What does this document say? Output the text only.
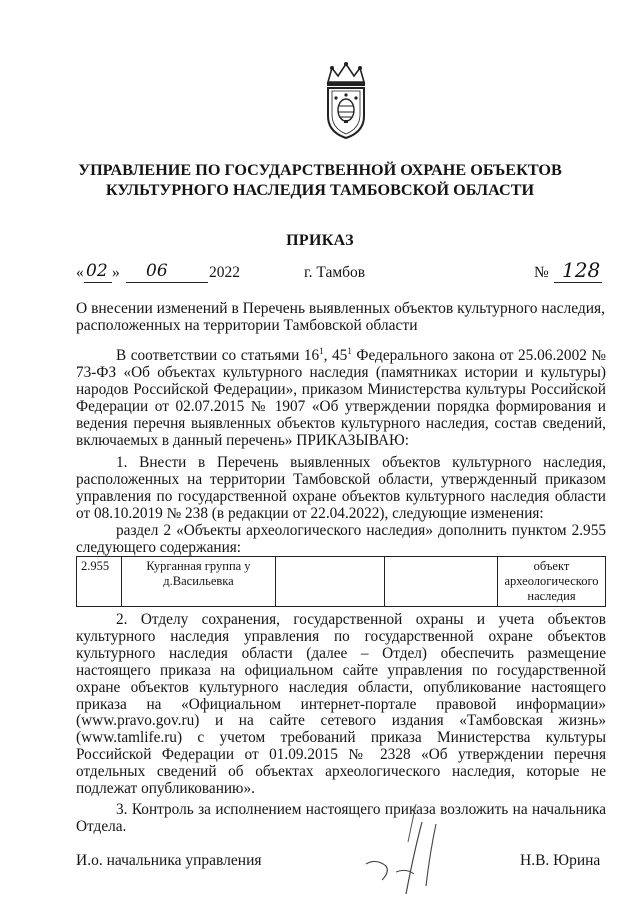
УПРАВЛЕНИЕ ПО ГОСУДАРСТВЕННОЙ ОХРАНЕ ОБЪЕКТОВ
КУЛЬТУРНОГО НАСЛЕДИЯ ТАМБОВСКОЙ ОБЛАСТИ
ПРИКАЗ
« 02 » 06	2022	г. Тамбов	№ 128
О внесении изменений в Перечень выявленных объектов культурного наследия,
расположенных на территории Тамбовской области
В соответствии со статьями $16^1$, $45^1$ Федерального закона от 25.06.2002 № 73-ФЗ «Об объектах культурного наследия (памятниках истории и культуры) народов Российской Федерации», приказом Министерства культуры Российской Федерации от 02.07.2015 № 1907 «Об утверждении порядка формирования и ведения перечня выявленных объектов культурного наследия, состав сведений, включаемых в данный перечень» ПРИКАЗЫВАЮ:
1. Внести в Перечень выявленных объектов культурного наследия, расположенных на территории Тамбовской области, утвержденный приказом управления по государственной охране объектов культурного наследия области от 08.10.2019 № 238 (в редакции от 22.04.2022), следующие изменения:
раздел 2 «Объекты археологического наследия» дополнить пунктом 2.955 следующего содержания:
2.955	Курганная группа у д.Васильевка			объект археологического наследия
2. Отделу сохранения, государственной охраны и учета объектов культурного наследия управления по государственной охране объектов культурного наследия области (далее – Отдел) обеспечить размещение настоящего приказа на официальном сайте управления по государственной охране объектов культурного наследия области, опубликование настоящего приказа на «Официальном интернет-портале правовой информации» (www.pravo.gov.ru) и на сайте сетевого издания «Тамбовская жизнь» (www.tamlife.ru) с учетом требований приказа Министерства культуры Российской Федерации от 01.09.2015 № 2328 «Об утверждении перечня отдельных сведений об объектах археологического наследия, которые не подлежат опубликованию».
3. Контроль за исполнением настоящего приказа возложить на начальника Отдела.
И.о. начальника управления	Н.В. Юрина
